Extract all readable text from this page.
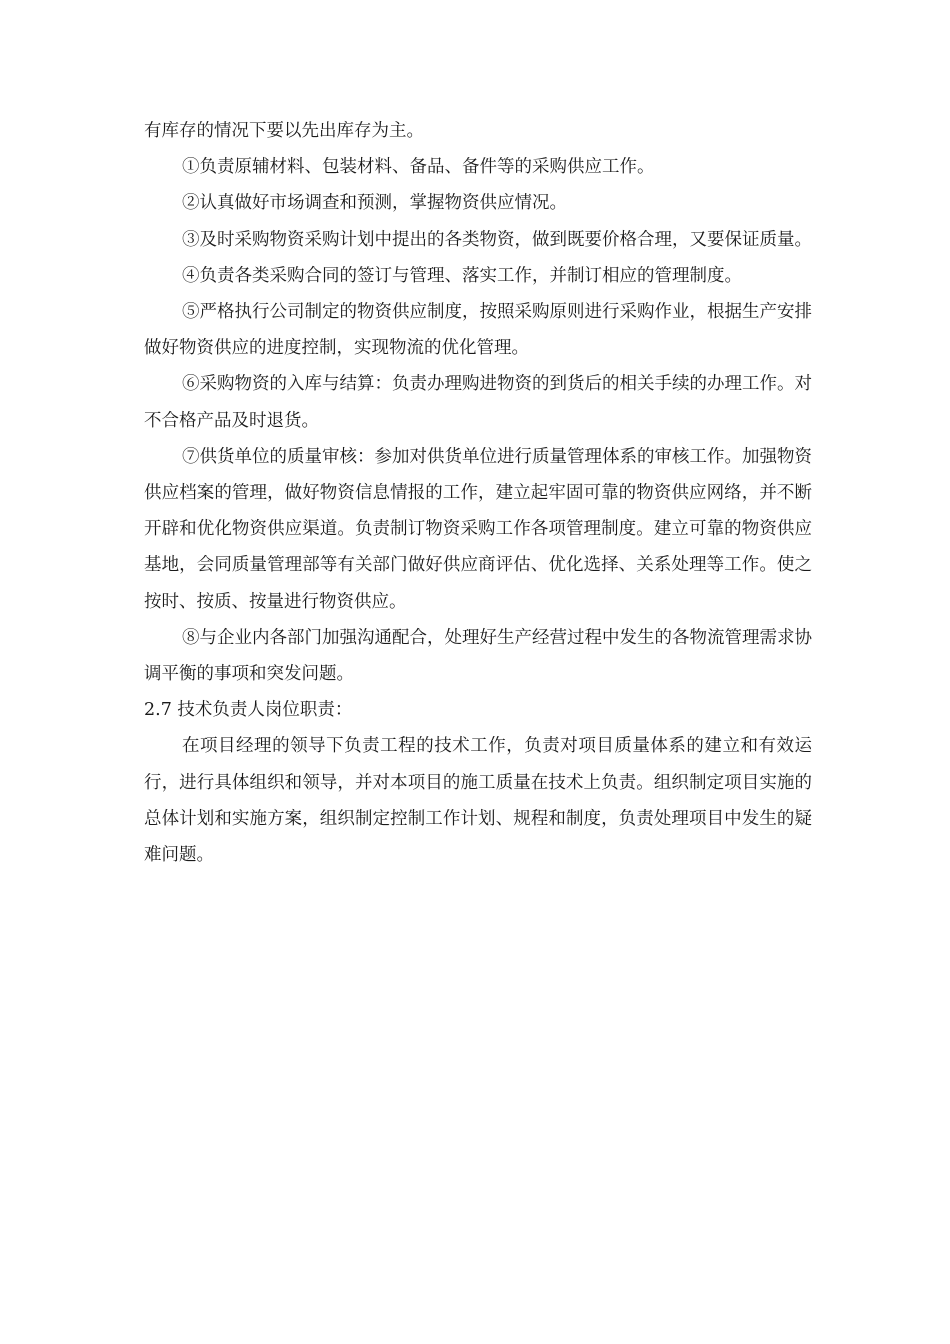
有库存的情况下要以先出库存为主。

①负责原辅材料、包装材料、备品、备件等的采购供应工作。

②认真做好市场调查和预测，掌握物资供应情况。

③及时采购物资采购计划中提出的各类物资，做到既要价格合理，又要保证质量。

④负责各类采购合同的签订与管理、落实工作，并制订相应的管理制度。

⑤严格执行公司制定的物资供应制度，按照采购原则进行采购作业，根据生产安排做好物资供应的进度控制，实现物流的优化管理。

⑥采购物资的入库与结算：负责办理购进物资的到货后的相关手续的办理工作。对不合格产品及时退货。

⑦供货单位的质量审核：参加对供货单位进行质量管理体系的审核工作。加强物资供应档案的管理，做好物资信息情报的工作，建立起牢固可靠的物资供应网络，并不断开辟和优化物资供应渠道。负责制订物资采购工作各项管理制度。建立可靠的物资供应基地，会同质量管理部等有关部门做好供应商评估、优化选择、关系处理等工作。使之按时、按质、按量进行物资供应。

⑧与企业内各部门加强沟通配合，处理好生产经营过程中发生的各物流管理需求协调平衡的事项和突发问题。

2.7 技术负责人岗位职责：

在项目经理的领导下负责工程的技术工作，负责对项目质量体系的建立和有效运行，进行具体组织和领导，并对本项目的施工质量在技术上负责。组织制定项目实施的总体计划和实施方案，组织制定控制工作计划、规程和制度，负责处理项目中发生的疑难问题。
